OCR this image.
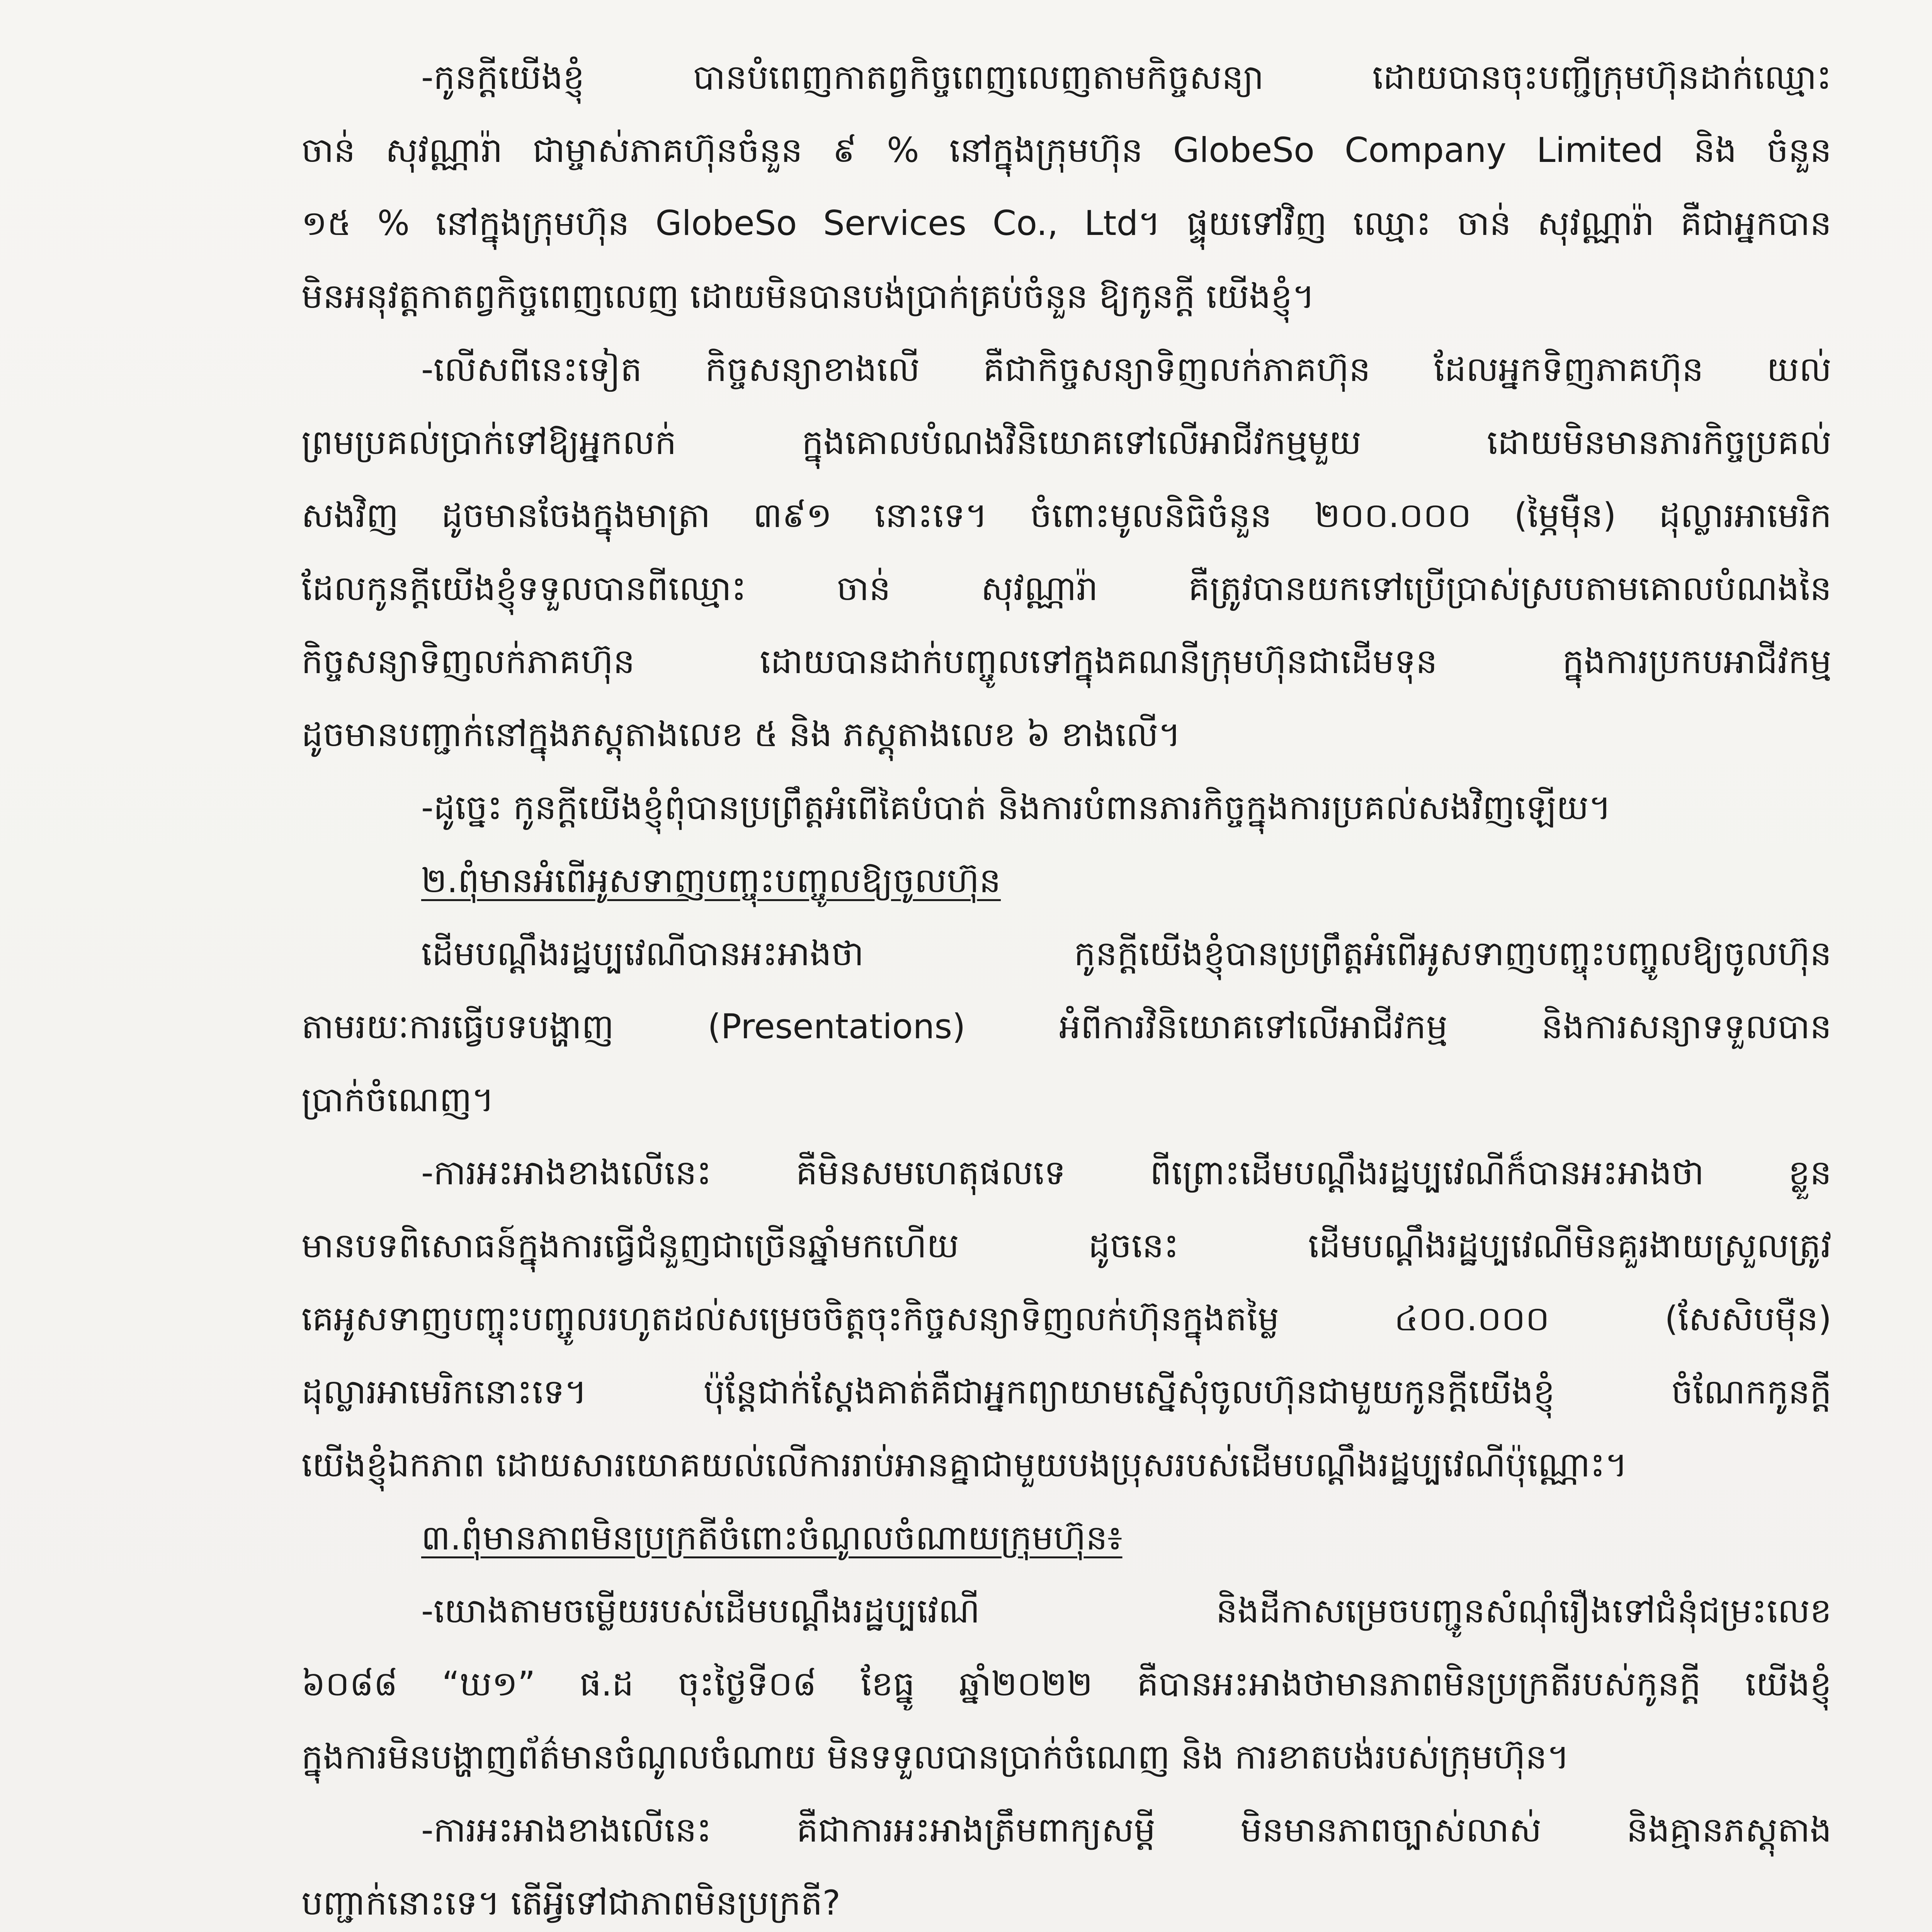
-កូនក្តីយើងខ្ញុំ បានបំពេញកាតព្វកិច្ចពេញលេញតាមកិច្ចសន្យា ដោយបានចុះបញ្ជីក្រុមហ៊ុនដាក់ឈ្មោះ
ចាន់ សុវណ្ណារ៉ា ជាម្ចាស់ភាគហ៊ុនចំនួន ៩ % នៅក្នុងក្រុមហ៊ុន GlobeSo Company Limited និង ចំនួន
១៥ % នៅក្នុងក្រុមហ៊ុន GlobeSo Services Co., Ltd។ ផ្ទុយទៅវិញ ឈ្មោះ ចាន់ សុវណ្ណារ៉ា គឺជាអ្នកបាន
មិនអនុវត្តកាតព្វកិច្ចពេញលេញ ដោយមិនបានបង់ប្រាក់គ្រប់ចំនួន ឱ្យកូនក្តី យើងខ្ញុំ។
-លើសពីនេះទៀត កិច្ចសន្យាខាងលើ គឺជាកិច្ចសន្យាទិញលក់ភាគហ៊ុន ដែលអ្នកទិញភាគហ៊ុន យល់
ព្រមប្រគល់ប្រាក់ទៅឱ្យអ្នកលក់ ក្នុងគោលបំណងវិនិយោគទៅលើអាជីវកម្មមួយ ដោយមិនមានភារកិច្ចប្រគល់
សងវិញ ដូចមានចែងក្នុងមាត្រា ៣៩១ នោះទេ។ ចំពោះមូលនិធិចំនួន ២០០.០០០ (ម្ភៃម៉ឺន) ដុល្លារអាមេរិក
ដែលកូនក្តីយើងខ្ញុំទទួលបានពីឈ្មោះ ចាន់ សុវណ្ណារ៉ា គឺត្រូវបានយកទៅប្រើប្រាស់ស្របតាមគោលបំណងនៃ
កិច្ចសន្យាទិញលក់ភាគហ៊ុន ដោយបានដាក់បញ្ចូលទៅក្នុងគណនីក្រុមហ៊ុនជាដើមទុន ក្នុងការប្រកបអាជីវកម្ម
ដូចមានបញ្ជាក់នៅក្នុងភស្តុតាងលេខ ៥ និង ភស្តុតាងលេខ ៦ ខាងលើ។
-ដូច្នេះ កូនក្តីយើងខ្ញុំពុំបានប្រព្រឹត្តអំពើគៃបំបាត់ និងការបំពានភារកិច្ចក្នុងការប្រគល់សងវិញឡើយ។
២.ពុំមានអំពើអូសទាញបញ្ចុះបញ្ចូលឱ្យចូលហ៊ុន
ដើមបណ្តឹងរដ្ឋប្បវេណីបានអះអាងថា កូនក្តីយើងខ្ញុំបានប្រព្រឹត្តអំពើអូសទាញបញ្ចុះបញ្ចូលឱ្យចូលហ៊ុន
តាមរយៈការធ្វើបទបង្ហាញ (Presentations) អំពីការវិនិយោគទៅលើអាជីវកម្ម និងការសន្យាទទួលបាន
ប្រាក់ចំណេញ។
-ការអះអាងខាងលើនេះ គឺមិនសមហេតុផលទេ ពីព្រោះដើមបណ្តឹងរដ្ឋប្បវេណីក៏បានអះអាងថា ខ្លួន
មានបទពិសោធន៍ក្នុងការធ្វើជំនួញជាច្រើនឆ្នាំមកហើយ ដូចនេះ ដើមបណ្តឹងរដ្ឋប្បវេណីមិនគួរងាយស្រួលត្រូវ
គេអូសទាញបញ្ចុះបញ្ចូលរហូតដល់សម្រេចចិត្តចុះកិច្ចសន្យាទិញលក់ហ៊ុនក្នុងតម្លៃ ៤០០.០០០ (សែសិបម៉ឺន)
ដុល្លារអាមេរិកនោះទេ។ ប៉ុន្តែជាក់ស្តែងគាត់គឺជាអ្នកព្យាយាមស្នើសុំចូលហ៊ុនជាមួយកូនក្តីយើងខ្ញុំ ចំណែកកូនក្តី
យើងខ្ញុំឯកភាព ដោយសារយោគយល់លើការរាប់អានគ្នាជាមួយបងប្រុសរបស់ដើមបណ្តឹងរដ្ឋប្បវេណីប៉ុណ្ណោះ។
៣.ពុំមានភាពមិនប្រក្រតីចំពោះចំណូលចំណាយក្រុមហ៊ុន៖
-យោងតាមចម្លើយរបស់ដើមបណ្តឹងរដ្ឋប្បវេណី និងដីកាសម្រេចបញ្ជូនសំណុំរឿងទៅជំនុំជម្រះលេខ
៦០៨៨ “ឃ១” ផ.ដ ចុះថ្ងៃទី០៨ ខែធ្នូ ឆ្នាំ២០២២ គឺបានអះអាងថាមានភាពមិនប្រក្រតីរបស់កូនក្តី យើងខ្ញុំ
ក្នុងការមិនបង្ហាញព័ត៌មានចំណូលចំណាយ មិនទទួលបានប្រាក់ចំណេញ និង ការខាតបង់របស់ក្រុមហ៊ុន។
-ការអះអាងខាងលើនេះ គឺជាការអះអាងត្រឹមពាក្យសម្តី មិនមានភាពច្បាស់លាស់ និងគ្មានភស្តុតាង
បញ្ជាក់នោះទេ។ តើអ្វីទៅជាភាពមិនប្រក្រតី?
